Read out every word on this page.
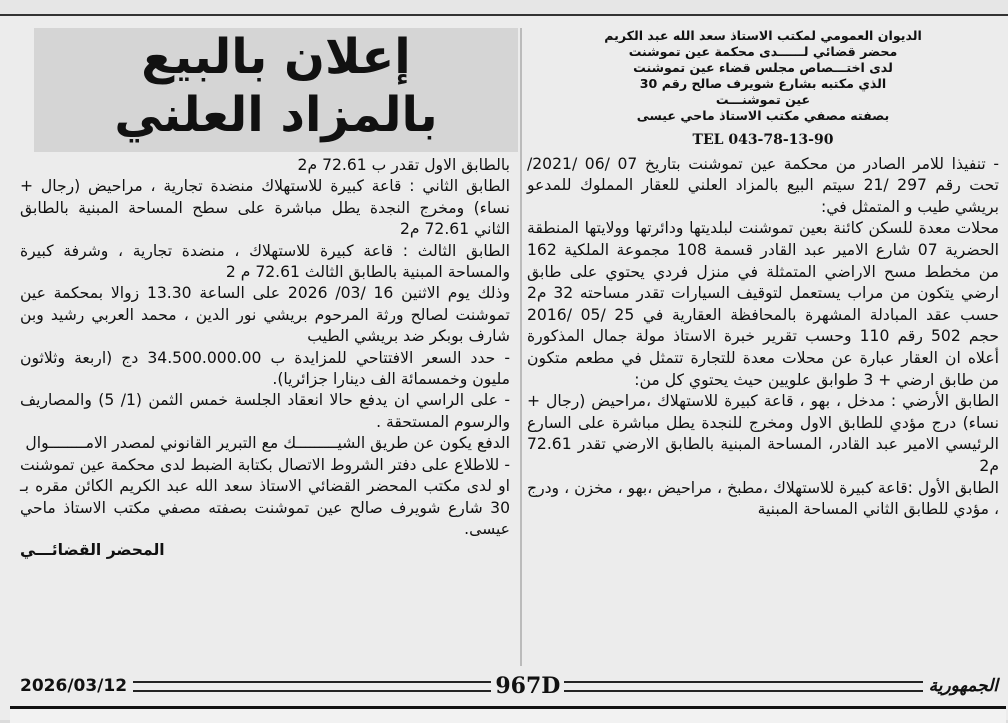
إعلان بالبيع
بالمزاد العلني
الديوان العمومي لمكتب الاستاذ سعد الله عبد الكريم
محضر قضائي لــــــدى محكمة عين تموشنت
لدى اختـــصاص مجلس قضاء عين تموشنت
الذي مكتبه بشارع شويرف صالح رقم 30
عين تموشنـــت
بصفته مصفي مكتب الاستاذ ماحي عيسى
TEL 043-78-13-90

- تنفيذا للامر الصادر من محكمة عين تموشنت بتاريخ 07 /06 /2021/تحت رقم 297 /21 سيتم البيع بالمزاد العلني للعقار المملوك للمدعو بريشي طيب و المتمثل في:

محلات معدة للسكن كائنة بعين تموشنت لبلديتها ودائرتها وولايتها المنطقة الحضرية 07 شارع الامير عبد القادر قسمة 108 مجموعة الملكية 162 من مخطط مسح الاراضي المتمثلة في منزل فردي يحتوي على طابق ارضي يتكون من مراب يستعمل لتوقيف السيارات تقدر مساحته 32 م2 حسب عقد المبادلة المشهرة بالمحافظة العقارية في 25 /05 /2016 حجم 502 رقم 110 وحسب تقرير خبرة الاستاذ مولة جمال المذكورة أعلاه ان العقار عبارة عن محلات معدة للتجارة تتمثل في مطعم متكون من طابق ارضي + 3 طوابق علويين حيث يحتوي كل من:

الطابق الأرضي : مدخل ، بهو ، قاعة كبيرة للاستهلاك ،مراحيض (رجال + نساء) درج مؤدي للطابق الاول ومخرج للنجدة يطل مباشرة على السارع الرئيسي الامير عبد القادر، المساحة المبنية بالطابق الارضي تقدر 72.61 م2

الطابق الأول :قاعة كبيرة للاستهلاك ،مطبخ ، مراحيض ،بهو ، مخزن ، ودرج ، مؤدي للطابق الثاني المساحة المبنية

بالطابق الاول تقدر ب 72.61 م2

الطابق الثاني : قاعة كبيرة للاستهلاك منضدة تجارية ، مراحيض (رجال + نساء) ومخرج النجدة يطل مباشرة على سطح المساحة المبنية بالطابق الثاني 72.61 م2

الطابق الثالث : قاعة كبيرة للاستهلاك ، منضدة تجارية ، وشرفة كبيرة والمساحة المبنية بالطابق الثالث 72.61 م 2

وذلك يوم الاثنين 16 /03/ 2026 على الساعة 13.30 زوالا بمحكمة عين تموشنت لصالح ورثة المرحوم بريشي نور الدين ، محمد العربي رشيد وبن شارف بوبكر ضد بريشي الطيب

- حدد السعر الافتتاحي للمزايدة ب 34.500.000.00 دج (اربعة وثلاثون مليون وخمسمائة الف دينارا جزائريا).

- على الراسي ان يدفع حالا انعقاد الجلسة خمس الثمن (1/ 5) والمصاريف والرسوم المستحقة .

الدفع يكون عن طريق الشيـــــــــك مع التبرير القانوني لمصدر الامــــــــوال

- للاطلاع على دفتر الشروط الاتصال بكتابة الضبط لدى محكمة عين تموشنت او لدى مكتب المحضر القضائي الاستاذ سعد الله عبد الكريم الكائن مقره بـ 30 شارع شويرف صالح عين تموشنت بصفته مصفي مكتب الاستاذ ماحي عيسى.

المحضر القضائـــي
2026/03/12	967D	الجمهورية
